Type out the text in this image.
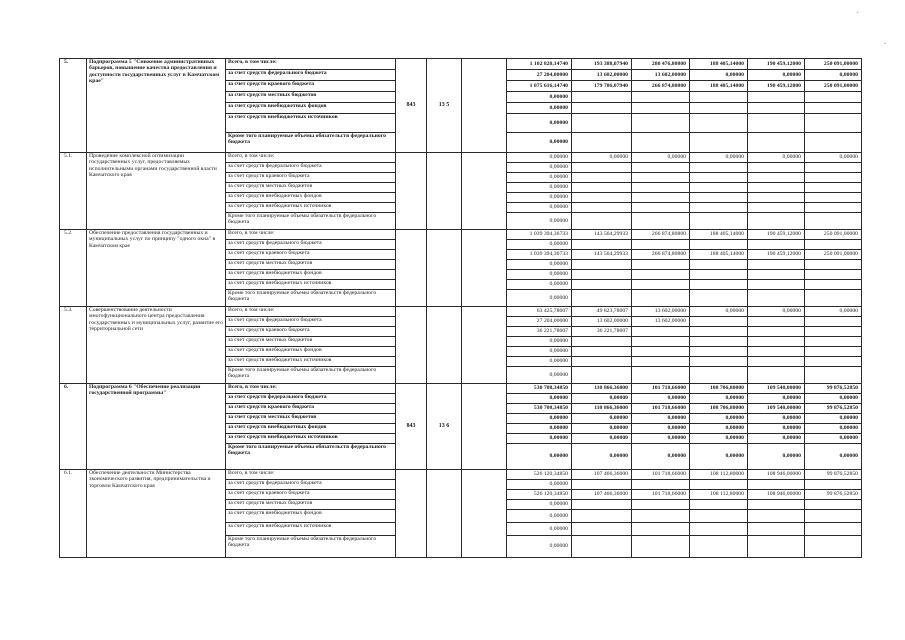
ˇ
-
5.	Подпрограмма 5 "Снижение административных барьеров, повышение качества предоставления и доступности государственных услуг в Камчатском крае"	Всего, в том числе:	843	13 5		1 102 820,14740	193 388,07940	280 476,80800	188 405,14000	190 459,12000	250 091,00000
		за счет средств федерального бюджета				27 204,00000	13 602,00000	13 602,00000	0,00000	0,00000	0,00000
		за счет средств краевого бюджета				1 075 616,14740	179 786,07940	266 874,80800	188 405,14000	190 459,12000	250 091,00000
		за счет средств местных бюджетов				0,00000					
		за счет средств внебюджетных фондов				0,00000					
		за счет средств внебюджетных источников				0,00000					
		Кроме того планируемые объемы обязательств федерального бюджета				0,00000					
5.1.	Проведение комплексной оптимизации государственных услуг, предоставляемых исполнительными органами государственной власти Камчатского края	Всего, в том числе:				0,00000	0,00000	0,00000	0,00000	0,00000	0,00000
		за счет средств федерального бюджета				0,00000					
		за счет средств краевого бюджета				0,00000					
		за счет средств местных бюджетов				0,00000					
		за счет средств внебюджетных фондов				0,00000					
		за счет средств внебюджетных источников				0,00000					
		Кроме того планируемые объемы обязательств федерального бюджета				0,00000					
5.2.	Обеспечение предоставления государственных и муниципальных услуг по принципу "одного окна" в Камчатском крае	Всего, в том числе:				1 039 394,36733	143 564,29933	266 874,80800	188 405,14000	190 459,12000	250 091,00000
		за счет средств федерального бюджета				0,00000					
		за счет средств краевого бюджета				1 039 394,36733	143 564,29933	266 874,80800	188 405,14000	190 459,12000	250 091,00000
		за счет средств местных бюджетов				0,00000					
		за счет средств внебюджетных фондов				0,00000					
		за счет средств внебюджетных источников				0,00000					
		Кроме того планируемые объемы обязательств федерального бюджета				0,00000					
5.3.	Совершенствование деятельности многофункционального центра предоставления государственных и муниципальных услуг, развитие его территориальной сети	Всего, в том числе:				63 425,78007	49 823,78007	13 602,00000	0,00000	0,00000	0,00000
		за счет средств федерального бюджета				27 204,00000	13 602,00000	13 602,00000			
		за счет средств краевого бюджета				36 221,78007	36 221,78007				
		за счет средств местных бюджетов				0,00000					
		за счет средств внебюджетных фондов				0,00000					
		за счет средств внебюджетных источников				0,00000					
		Кроме того планируемые объемы обязательств федерального бюджета				0,00000					
6.	Подпрограмма 6 "Обеспечение реализации государственной программы"	Всего, в том числе:	843	13 6		530 708,34850	110 866,36000	101 718,66000	108 706,80000	109 540,00000	99 876,52850
		за счет средств федерального бюджета				0,00000	0,00000	0,00000	0,00000	0,00000	0,00000
		за счет средств краевого бюджета				530 708,34850	110 866,36000	101 718,66000	108 706,80000	109 540,00000	99 876,52850
		за счет средств местных бюджетов				0,00000	0,00000	0,00000	0,00000	0,00000	0,00000
		за счет средств внебюджетных фондов				0,00000	0,00000	0,00000	0,00000	0,00000	0,00000
		за счет средств внебюджетных источников				0,00000	0,00000	0,00000	0,00000	0,00000	0,00000
		Кроме того планируемые объемы обязательств федерального бюджета				0,00000	0,00000	0,00000	0,00000	0,00000	0,00000
6.1.	Обеспечение деятельности Министерства экономического развития, предпринимательства и торговли Камчатского края	Всего, в том числе:				526 120,34850	107 466,36000	101 718,66000	108 112,80000	108 946,00000	99 876,52850
		за счет средств федерального бюджета				0,00000					
		за счет средств краевого бюджета				526 120,34850	107 466,36000	101 718,66000	108 112,80000	108 946,00000	99 876,52850
		за счет средств местных бюджетов				0,00000					
		за счет средств внебюджетных фондов				0,00000					
		за счет средств внебюджетных источников				0,00000					
		Кроме того планируемые объемы обязательств федерального бюджета				0,00000					
